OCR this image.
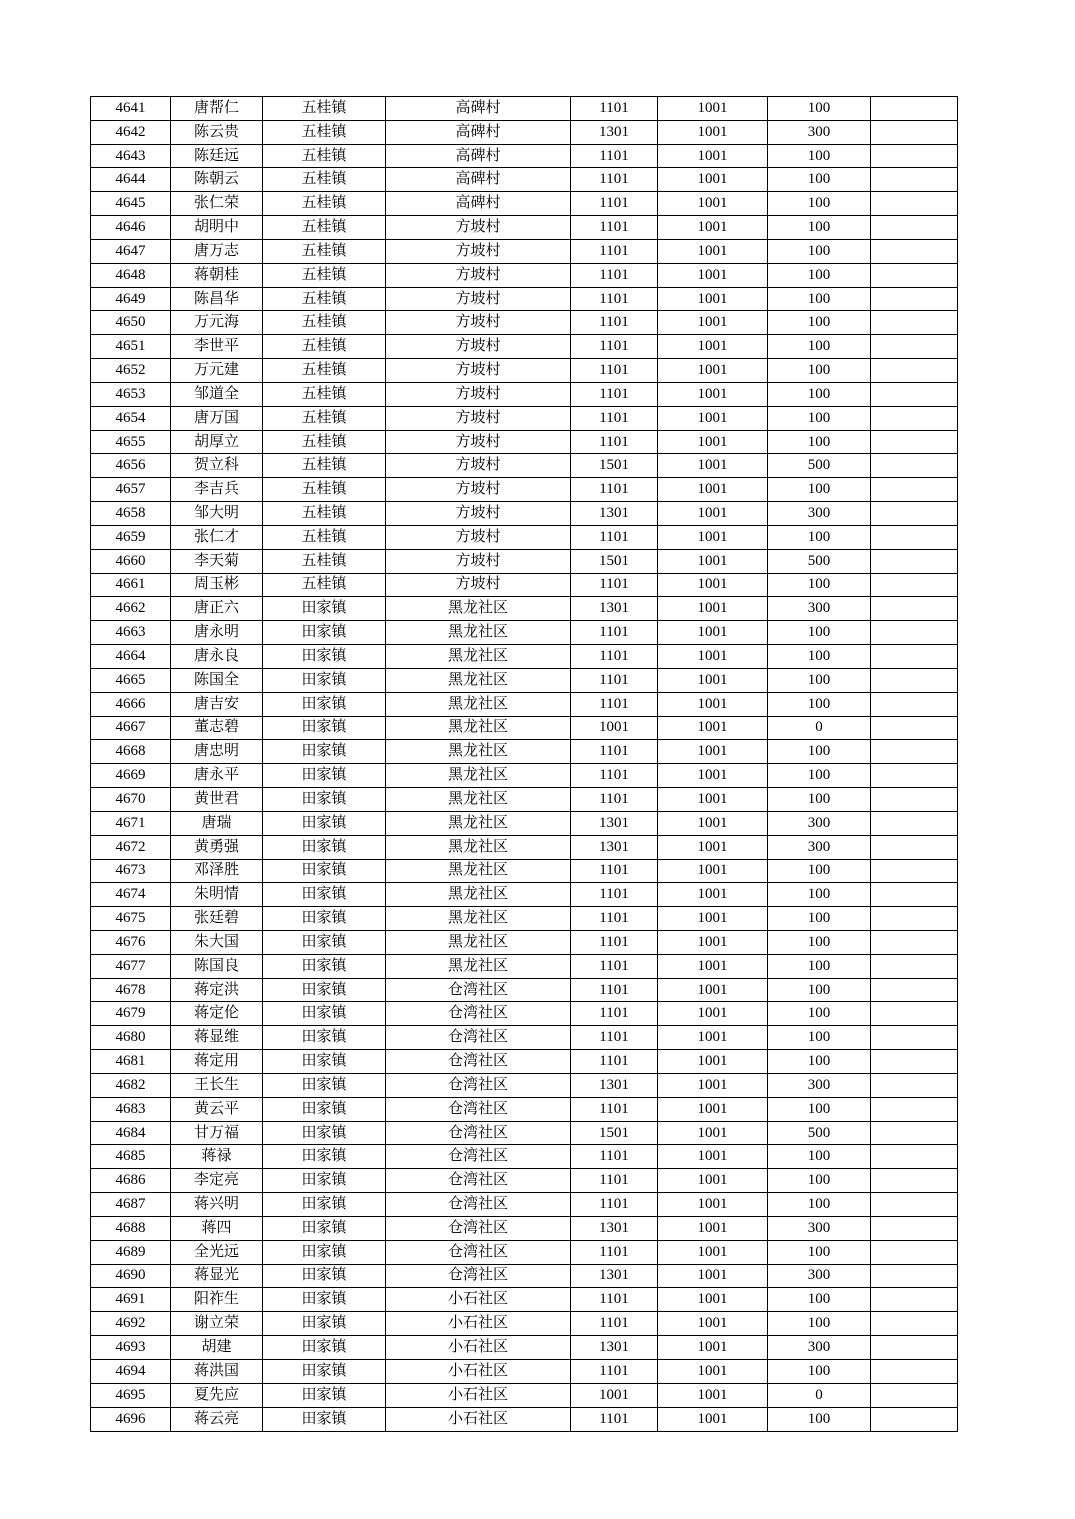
4641	唐帮仁	五桂镇	高碑村	1101	1001	100	
4642	陈云贵	五桂镇	高碑村	1301	1001	300	
4643	陈廷远	五桂镇	高碑村	1101	1001	100	
4644	陈朝云	五桂镇	高碑村	1101	1001	100	
4645	张仁荣	五桂镇	高碑村	1101	1001	100	
4646	胡明中	五桂镇	方坡村	1101	1001	100	
4647	唐万志	五桂镇	方坡村	1101	1001	100	
4648	蒋朝桂	五桂镇	方坡村	1101	1001	100	
4649	陈昌华	五桂镇	方坡村	1101	1001	100	
4650	万元海	五桂镇	方坡村	1101	1001	100	
4651	李世平	五桂镇	方坡村	1101	1001	100	
4652	万元建	五桂镇	方坡村	1101	1001	100	
4653	邹道全	五桂镇	方坡村	1101	1001	100	
4654	唐万国	五桂镇	方坡村	1101	1001	100	
4655	胡厚立	五桂镇	方坡村	1101	1001	100	
4656	贺立科	五桂镇	方坡村	1501	1001	500	
4657	李吉兵	五桂镇	方坡村	1101	1001	100	
4658	邹大明	五桂镇	方坡村	1301	1001	300	
4659	张仁才	五桂镇	方坡村	1101	1001	100	
4660	李天菊	五桂镇	方坡村	1501	1001	500	
4661	周玉彬	五桂镇	方坡村	1101	1001	100	
4662	唐正六	田家镇	黑龙社区	1301	1001	300	
4663	唐永明	田家镇	黑龙社区	1101	1001	100	
4664	唐永良	田家镇	黑龙社区	1101	1001	100	
4665	陈国全	田家镇	黑龙社区	1101	1001	100	
4666	唐吉安	田家镇	黑龙社区	1101	1001	100	
4667	董志碧	田家镇	黑龙社区	1001	1001	0	
4668	唐忠明	田家镇	黑龙社区	1101	1001	100	
4669	唐永平	田家镇	黑龙社区	1101	1001	100	
4670	黄世君	田家镇	黑龙社区	1101	1001	100	
4671	唐瑞	田家镇	黑龙社区	1301	1001	300	
4672	黄勇强	田家镇	黑龙社区	1301	1001	300	
4673	邓泽胜	田家镇	黑龙社区	1101	1001	100	
4674	朱明情	田家镇	黑龙社区	1101	1001	100	
4675	张廷碧	田家镇	黑龙社区	1101	1001	100	
4676	朱大国	田家镇	黑龙社区	1101	1001	100	
4677	陈国良	田家镇	黑龙社区	1101	1001	100	
4678	蒋定洪	田家镇	仓湾社区	1101	1001	100	
4679	蒋定伦	田家镇	仓湾社区	1101	1001	100	
4680	蒋显维	田家镇	仓湾社区	1101	1001	100	
4681	蒋定用	田家镇	仓湾社区	1101	1001	100	
4682	王长生	田家镇	仓湾社区	1301	1001	300	
4683	黄云平	田家镇	仓湾社区	1101	1001	100	
4684	甘万福	田家镇	仓湾社区	1501	1001	500	
4685	蒋禄	田家镇	仓湾社区	1101	1001	100	
4686	李定亮	田家镇	仓湾社区	1101	1001	100	
4687	蒋兴明	田家镇	仓湾社区	1101	1001	100	
4688	蒋四	田家镇	仓湾社区	1301	1001	300	
4689	全光远	田家镇	仓湾社区	1101	1001	100	
4690	蒋显光	田家镇	仓湾社区	1301	1001	300	
4691	阳祚生	田家镇	小石社区	1101	1001	100	
4692	谢立荣	田家镇	小石社区	1101	1001	100	
4693	胡建	田家镇	小石社区	1301	1001	300	
4694	蒋洪国	田家镇	小石社区	1101	1001	100	
4695	夏先应	田家镇	小石社区	1001	1001	0	
4696	蒋云亮	田家镇	小石社区	1101	1001	100	
